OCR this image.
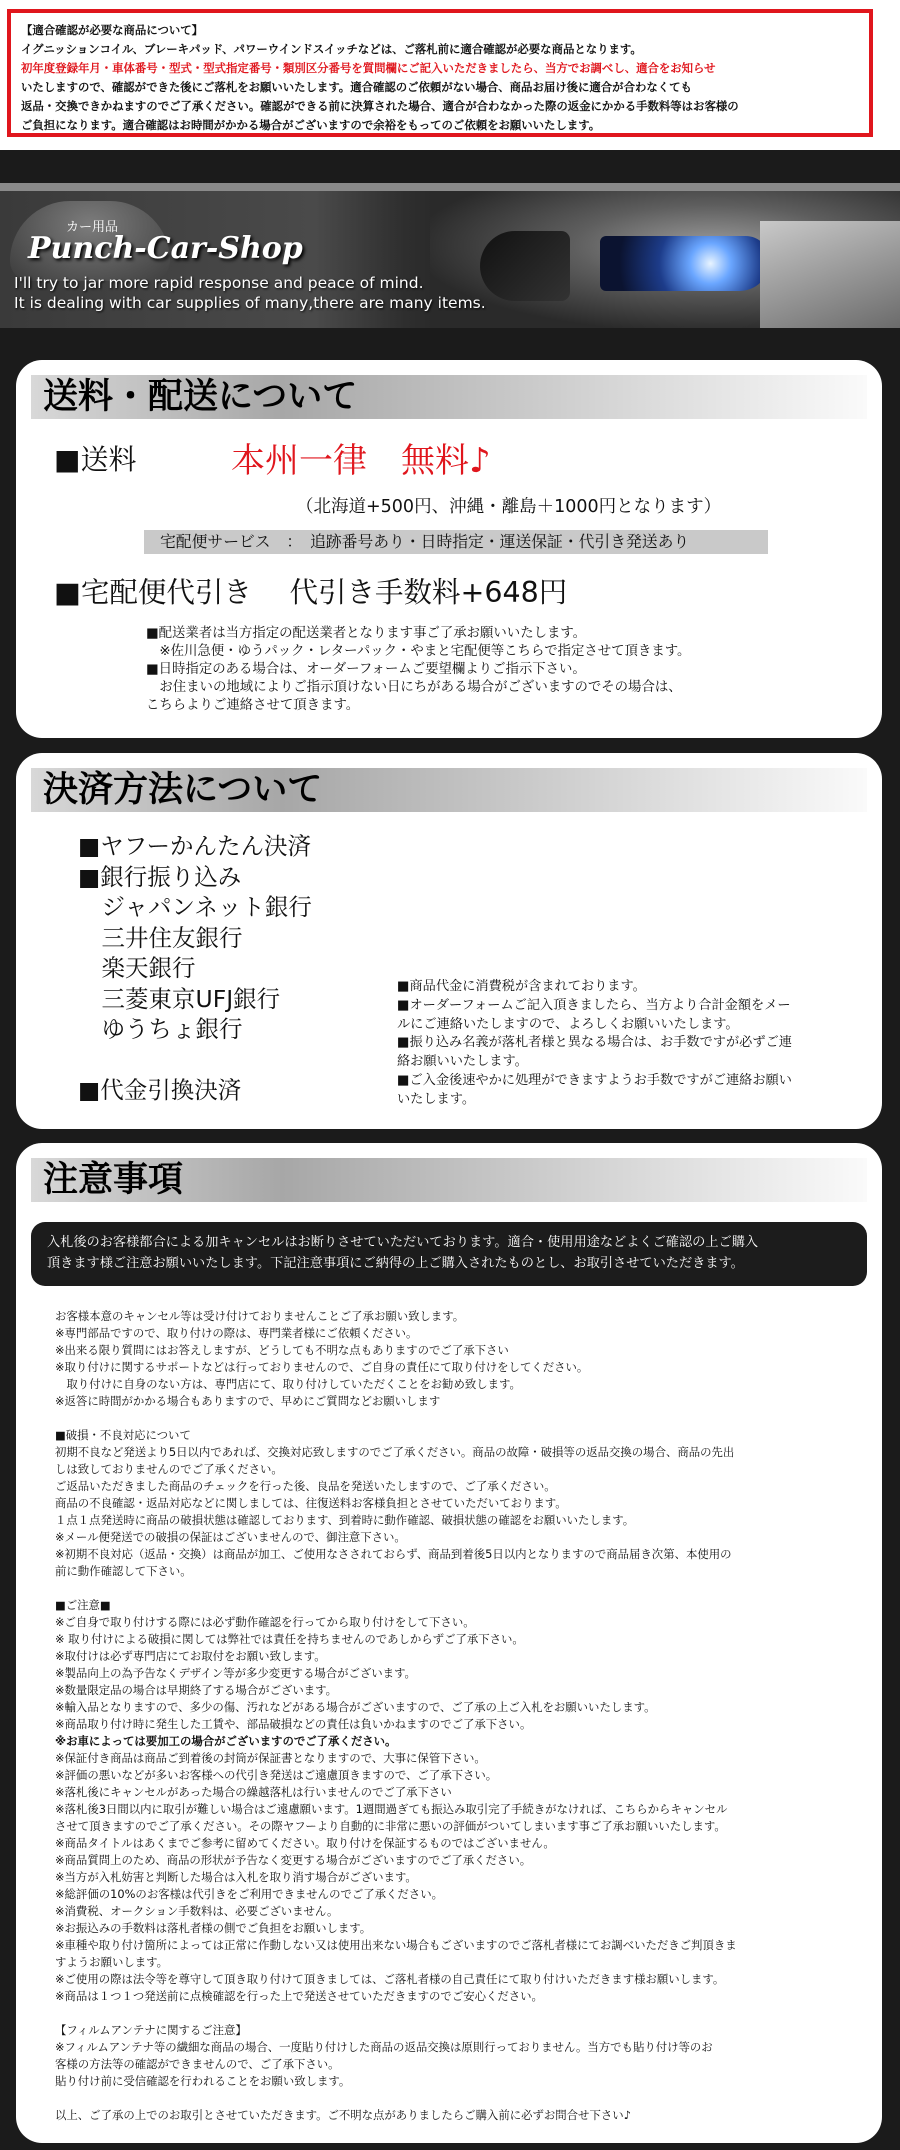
【適合確認が必要な商品について】
イグニッションコイル、ブレーキパッド、パワーウインドスイッチなどは、ご落札前に適合確認が必要な商品となります。
初年度登録年月・車体番号・型式・型式指定番号・類別区分番号を質問欄にご記入いただきましたら、当方でお調べし、適合をお知らせ
いたしますので、確認ができた後にご落札をお願いいたします。適合確認のご依頼がない場合、商品お届け後に適合が合わなくても
返品・交換できかねますのでご了承ください。確認ができる前に決算された場合、適合が合わなかった際の返金にかかる手数料等はお客様の
ご負担になります。適合確認はお時間がかかる場合がございますので余裕をもってのご依頼をお願いいたします。
カー用品
Punch-Car-Shop
I'll try to jar more rapid response and peace of mind.
It is dealing with car supplies of many,there are many items.
送料・配送について
■送料	本州一律　無料♪
（北海道+500円、沖縄・離島＋1000円となります）
宅配便サービス　：　追跡番号あり・日時指定・運送保証・代引き発送あり
■宅配便代引き　 代引き手数料+648円
■配送業者は当方指定の配送業者となります事ご了承お願いいたします。
　※佐川急便・ゆうパック・レターパック・やまと宅配便等こちらで指定させて頂きます。
■日時指定のある場合は、オーダーフォームご要望欄よりご指示下さい。
　お住まいの地域によりご指示頂けない日にちがある場合がございますのでその場合は、
こちらよりご連絡させて頂きます。
決済方法について
■ヤフーかんたん決済
■銀行振り込み
　ジャパンネット銀行
　三井住友銀行
　楽天銀行
　三菱東京UFJ銀行
　ゆうちょ銀行
■代金引換決済
■商品代金に消費税が含まれております。
■オーダーフォームご記入頂きましたら、当方より合計金額をメー
ルにご連絡いたしますので、よろしくお願いいたします。
■振り込み名義が落札者様と異なる場合は、お手数ですが必ずご連
絡お願いいたします。
■ご入金後速やかに処理ができますようお手数ですがご連絡お願い
いたします。
注意事項
入札後のお客様都合による加キャンセルはお断りさせていただいております。適合・使用用途などよくご確認の上ご購入
頂きます様ご注意お願いいたします。下記注意事項にご納得の上ご購入されたものとし、お取引させていただきます。
お客様本意のキャンセル等は受け付けておりませんことご了承お願い致します。
※専門部品ですので、取り付けの際は、専門業者様にご依頼ください。
※出来る限り質問にはお答えしますが、どうしても不明な点もありますのでご了承下さい
※取り付けに関するサポートなどは行っておりませんので、ご自身の責任にて取り付けをしてください。
　取り付けに自身のない方は、専門店にて、取り付けしていただくことをお勧め致します。
※返答に時間がかかる場合もありますので、早めにご質問などお願いします
■破損・不良対応について
初期不良など発送より5日以内であれば、交換対応致しますのでご了承ください。商品の故障・破損等の返品交換の場合、商品の先出
しは致しておりませんのでご了承ください。
ご返品いただきました商品のチェックを行った後、良品を発送いたしますので、ご了承ください。
商品の不良確認・返品対応などに関しましては、往復送料お客様負担とさせていただいております。
１点１点発送時に商品の破損状態は確認しております、到着時に動作確認、破損状態の確認をお願いいたします。
※メール便発送での破損の保証はございませんので、御注意下さい。
※初期不良対応（返品・交換）は商品が加工、ご使用なさされておらず、商品到着後5日以内となりますので商品届き次第、本使用の
前に動作確認して下さい。
■ご注意■
※ご自身で取り付けする際には必ず動作確認を行ってから取り付けをして下さい。
※ 取り付けによる破損に関しては弊社では責任を持ちませんのであしからずご了承下さい。
※取付けは必ず専門店にてお取付をお願い致します。
※製品向上の為予告なくデザイン等が多少変更する場合がございます。
※数量限定品の場合は早期終了する場合がございます。
※輸入品となりますので、多少の傷、汚れなどがある場合がございますので、ご了承の上ご入札をお願いいたします。
※商品取り付け時に発生した工賃や、部品破損などの責任は負いかねますのでご了承下さい。
※お車によっては要加工の場合がございますのでご了承ください。
※保証付き商品は商品ご到着後の封筒が保証書となりますので、大事に保管下さい。
※評価の悪いなどが多いお客様への代引き発送はご遠慮頂きますので、ご了承下さい。
※落札後にキャンセルがあった場合の繰越落札は行いませんのでご了承下さい
※落札後3日間以内に取引が難しい場合はご遠慮願います。1週間過ぎても振込み取引完了手続きがなければ、こちらからキャンセル
させて頂きますのでご了承ください。その際ヤフーより自動的に非常に悪いの評価がついてしまいます事ご了承お願いいたします。
※商品タイトルはあくまでご参考に留めてください。取り付けを保証するものではございません。
※商品質問上のため、商品の形状が予告なく変更する場合がございますのでご了承ください。
※当方が入札妨害と判断した場合は入札を取り消す場合がございます。
※総評価の10%のお客様は代引きをご利用できませんのでご了承ください。
※消費税、オークション手数料は、必要ございません。
※お振込みの手数料は落札者様の側でご負担をお願いします。
※車種や取り付け箇所によっては正常に作動しない又は使用出来ない場合もございますのでご落札者様にてお調べいただきご判頂きま
すようお願いします。
※ご使用の際は法令等を尊守して頂き取り付けて頂きましては、ご落札者様の自己責任にて取り付けいただきます様お願いします。
※商品は１つ１つ発送前に点検確認を行った上で発送させていただきますのでご安心ください。
【フィルムアンテナに関するご注意】
※フィルムアンテナ等の繊細な商品の場合、一度貼り付けした商品の返品交換は原則行っておりません。当方でも貼り付け等のお
客様の方法等の確認ができませんので、ご了承下さい。
貼り付け前に受信確認を行われることをお願い致します。
以上、ご了承の上でのお取引とさせていただきます。ご不明な点がありましたらご購入前に必ずお問合せ下さい♪
